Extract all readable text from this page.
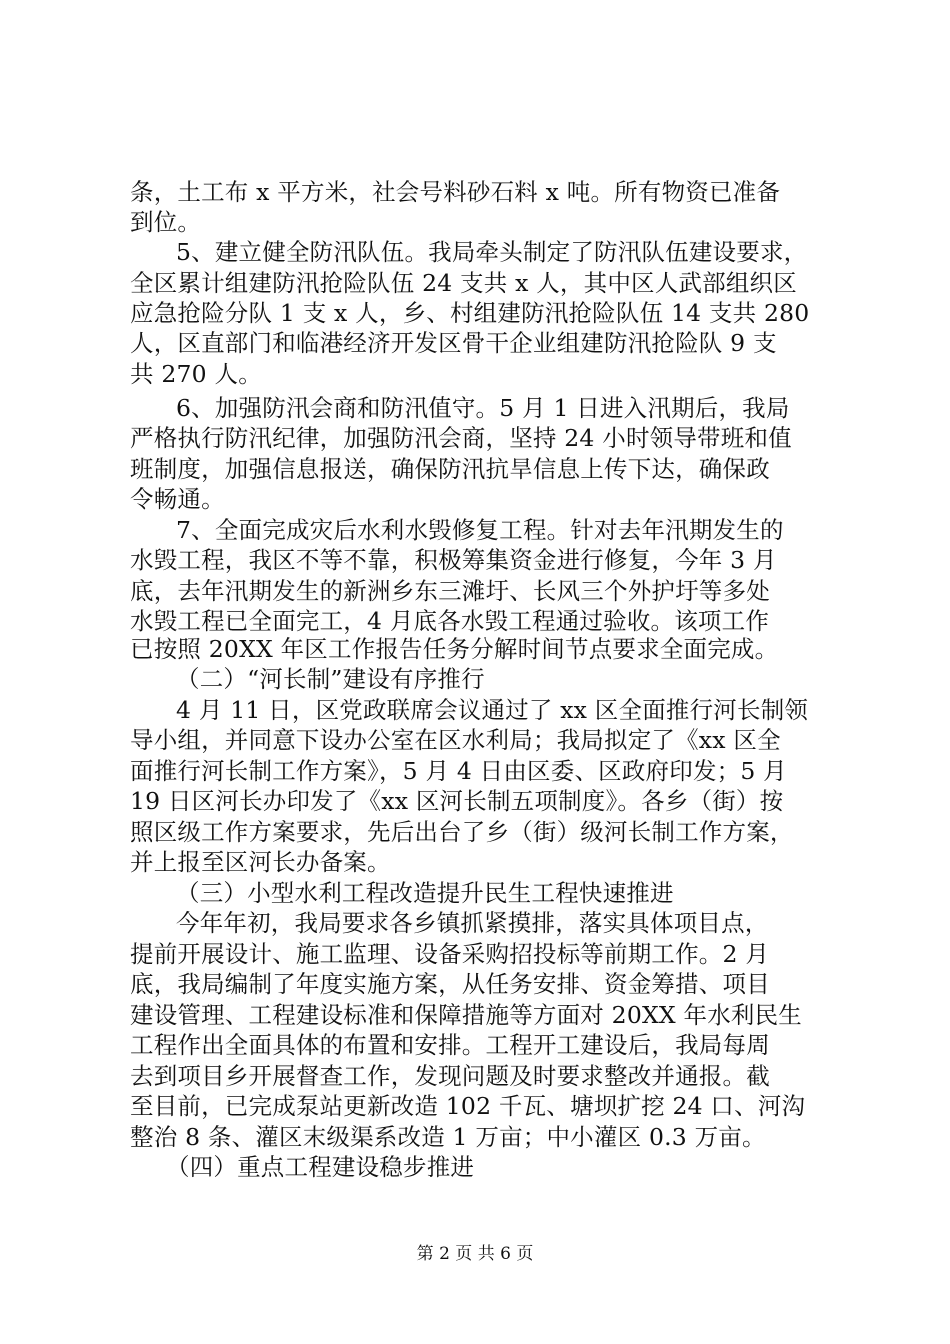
条，土工布 x 平方米，社会号料砂石料 x 吨。所有物资已准备
到位。
5、建立健全防汛队伍。我局牵头制定了防汛队伍建设要求，
全区累计组建防汛抢险队伍 24 支共 x 人，其中区人武部组织区
应急抢险分队 1 支 x 人，乡、村组建防汛抢险队伍 14 支共 280
人，区直部门和临港经济开发区骨干企业组建防汛抢险队 9 支
共 270 人。
6、加强防汛会商和防汛值守。5 月 1 日进入汛期后，我局
严格执行防汛纪律，加强防汛会商，坚持 24 小时领导带班和值
班制度，加强信息报送，确保防汛抗旱信息上传下达，确保政
令畅通。
7、全面完成灾后水利水毁修复工程。针对去年汛期发生的
水毁工程，我区不等不靠，积极筹集资金进行修复，今年 3 月
底，去年汛期发生的新洲乡东三滩圩、长风三个外护圩等多处
水毁工程已全面完工，4 月底各水毁工程通过验收。该项工作
已按照 20XX 年区工作报告任务分解时间节点要求全面完成。
（二）“河长制”建设有序推行
4 月 11 日，区党政联席会议通过了 xx 区全面推行河长制领
导小组，并同意下设办公室在区水利局；我局拟定了《xx 区全
面推行河长制工作方案》，5 月 4 日由区委、区政府印发；5 月
19 日区河长办印发了《xx 区河长制五项制度》。各乡（街）按
照区级工作方案要求，先后出台了乡（街）级河长制工作方案，
并上报至区河长办备案。
（三）小型水利工程改造提升民生工程快速推进
今年年初，我局要求各乡镇抓紧摸排，落实具体项目点，
提前开展设计、施工监理、设备采购招投标等前期工作。2 月
底，我局编制了年度实施方案，从任务安排、资金筹措、项目
建设管理、工程建设标准和保障措施等方面对 20XX 年水利民生
工程作出全面具体的布置和安排。工程开工建设后，我局每周
去到项目乡开展督查工作，发现问题及时要求整改并通报。截
至目前，已完成泵站更新改造 102 千瓦、塘坝扩挖 24 口、河沟
整治 8 条、灌区末级渠系改造 1 万亩；中小灌区 0.3 万亩。
（四）重点工程建设稳步推进
第 2 页 共 6 页
